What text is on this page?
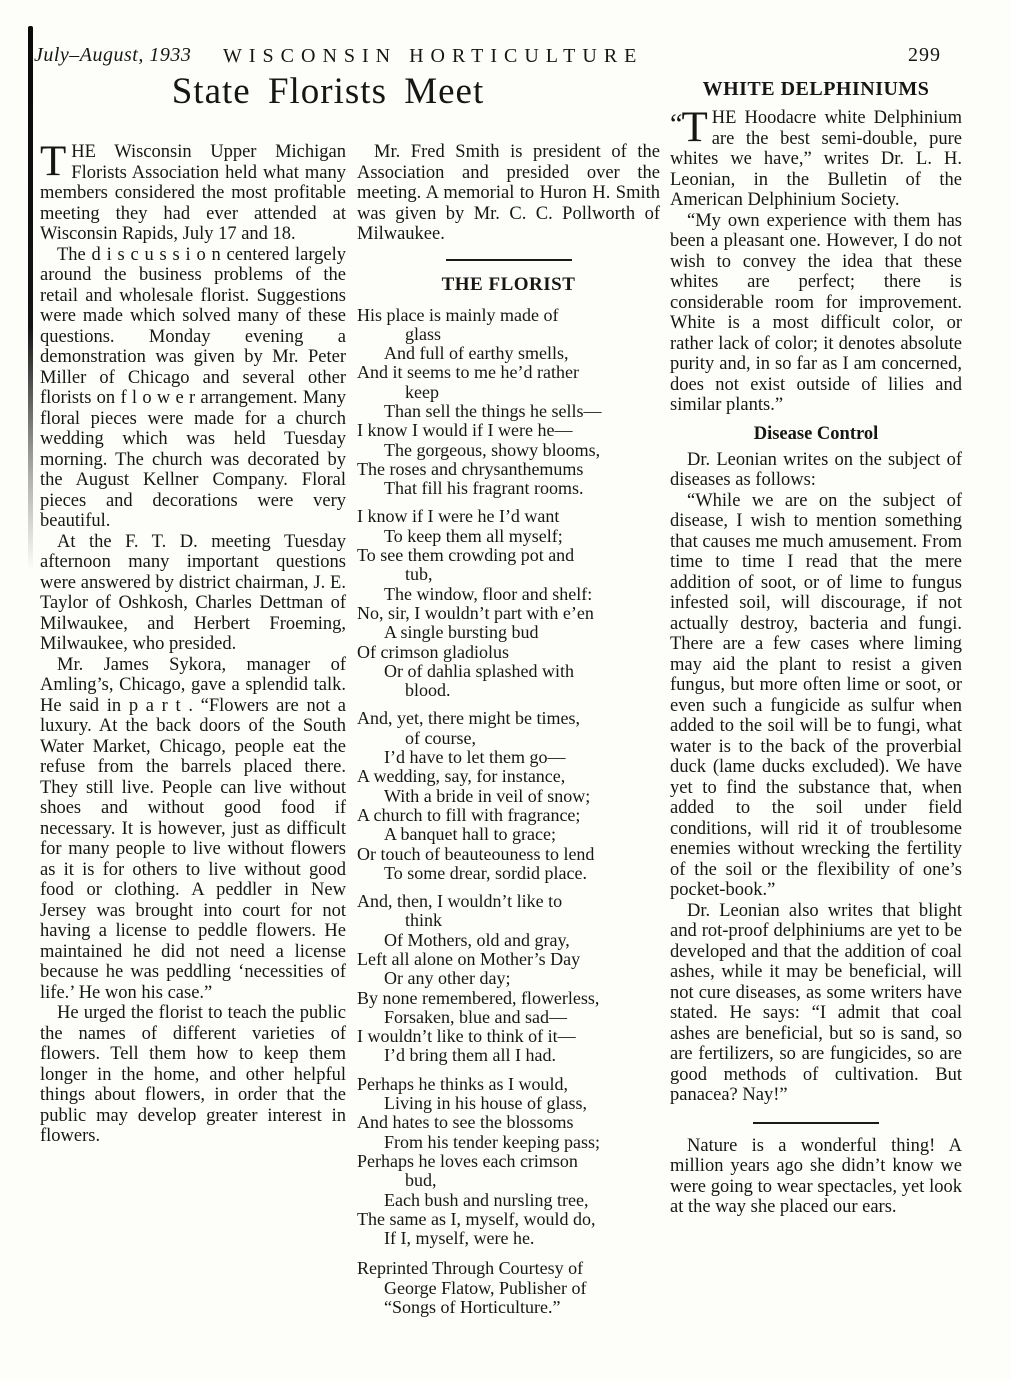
July–August, 1933 WISCONSIN HORTICULTURE	299
State Florists Meet

THE Wisconsin Upper Michigan Florists Association held what many members considered the most profitable meeting they had ever attended at Wisconsin Rapids, July 17 and 18.

The d i s c u s s i o n centered largely around the business problems of the retail and wholesale florist. Suggestions were made which solved many of these questions. Monday evening a demonstration was given by Mr. Peter Miller of Chicago and several other florists on f l o w e r arrangement. Many floral pieces were made for a church wedding which was held Tuesday morning. The church was decorated by the August Kellner Company. Floral pieces and decorations were very beautiful.

At the F. T. D. meeting Tuesday afternoon many important questions were answered by district chairman, J. E. Taylor of Oshkosh, Charles Dettman of Milwaukee, and Herbert Froeming, Milwaukee, who presided.

Mr. James Sykora, manager of Amling’s, Chicago, gave a splendid talk. He said in p a r t . “Flowers are not a luxury. At the back doors of the South Water Market, Chicago, people eat the refuse from the barrels placed there. They still live. People can live without shoes and without good food if necessary. It is however, just as difficult for many people to live without flowers as it is for others to live without good food or clothing. A peddler in New Jersey was brought into court for not having a license to peddle flowers. He maintained he did not need a license because he was peddling ‘necessities of life.’ He won his case.”

He urged the florist to teach the public the names of different varieties of flowers. Tell them how to keep them longer in the home, and other helpful things about flowers, in order that the public may develop greater interest in flowers.

Mr. Fred Smith is president of the Association and presided over the meeting. A memorial to Huron H. Smith was given by Mr. C. C. Pollworth of Milwaukee.

THE FLORIST
His place is mainly made of
glass
And full of earthy smells,
And it seems to me he’d rather
keep
Than sell the things he sells—
I know I would if I were he—
The gorgeous, showy blooms,
The roses and chrysanthemums
That fill his fragrant rooms.
I know if I were he I’d want
To keep them all myself;
To see them crowding pot and
tub,
The window, floor and shelf:
No, sir, I wouldn’t part with e’en
A single bursting bud
Of crimson gladiolus
Or of dahlia splashed with
blood.
And, yet, there might be times,
of course,
I’d have to let them go—
A wedding, say, for instance,
With a bride in veil of snow;
A church to fill with fragrance;
A banquet hall to grace;
Or touch of beauteouness to lend
To some drear, sordid place.
And, then, I wouldn’t like to
think
Of Mothers, old and gray,
Left all alone on Mother’s Day
Or any other day;
By none remembered, flowerless,
Forsaken, blue and sad—
I wouldn’t like to think of it—
I’d bring them all I had.
Perhaps he thinks as I would,
Living in his house of glass,
And hates to see the blossoms
From his tender keeping pass;
Perhaps he loves each crimson
bud,
Each bush and nursling tree,
The same as I, myself, would do,
If I, myself, were he.
Reprinted Through Courtesy of
George Flatow, Publisher of
“Songs of Horticulture.”
WHITE DELPHINIUMS

“ T HE Hoodacre white Delphinium are the best semi-double, pure whites we have,” writes Dr. L. H. Leonian, in the Bulletin of the American Delphinium Society.

“My own experience with them has been a pleasant one. However, I do not wish to convey the idea that these whites are perfect; there is considerable room for improvement. White is a most difficult color, or rather lack of color; it denotes absolute purity and, in so far as I am concerned, does not exist outside of lilies and similar plants.”

Disease Control

Dr. Leonian writes on the subject of diseases as follows:

“While we are on the subject of disease, I wish to mention something that causes me much amusement. From time to time I read that the mere addition of soot, or of lime to fungus infested soil, will discourage, if not actually destroy, bacteria and fungi. There are a few cases where liming may aid the plant to resist a given fungus, but more often lime or soot, or even such a fungicide as sulfur when added to the soil will be to fungi, what water is to the back of the proverbial duck (lame ducks excluded). We have yet to find the substance that, when added to the soil under field conditions, will rid it of troublesome enemies without wrecking the fertility of the soil or the flexibility of one’s pocket-book.”

Dr. Leonian also writes that blight and rot-proof delphiniums are yet to be developed and that the addition of coal ashes, while it may be beneficial, will not cure diseases, as some writers have stated. He says: “I admit that coal ashes are beneficial, but so is sand, so are fertilizers, so are fungicides, so are good methods of cultivation. But panacea? Nay!”

Nature is a wonderful thing! A million years ago she didn’t know we were going to wear spectacles, yet look at the way she placed our ears.
